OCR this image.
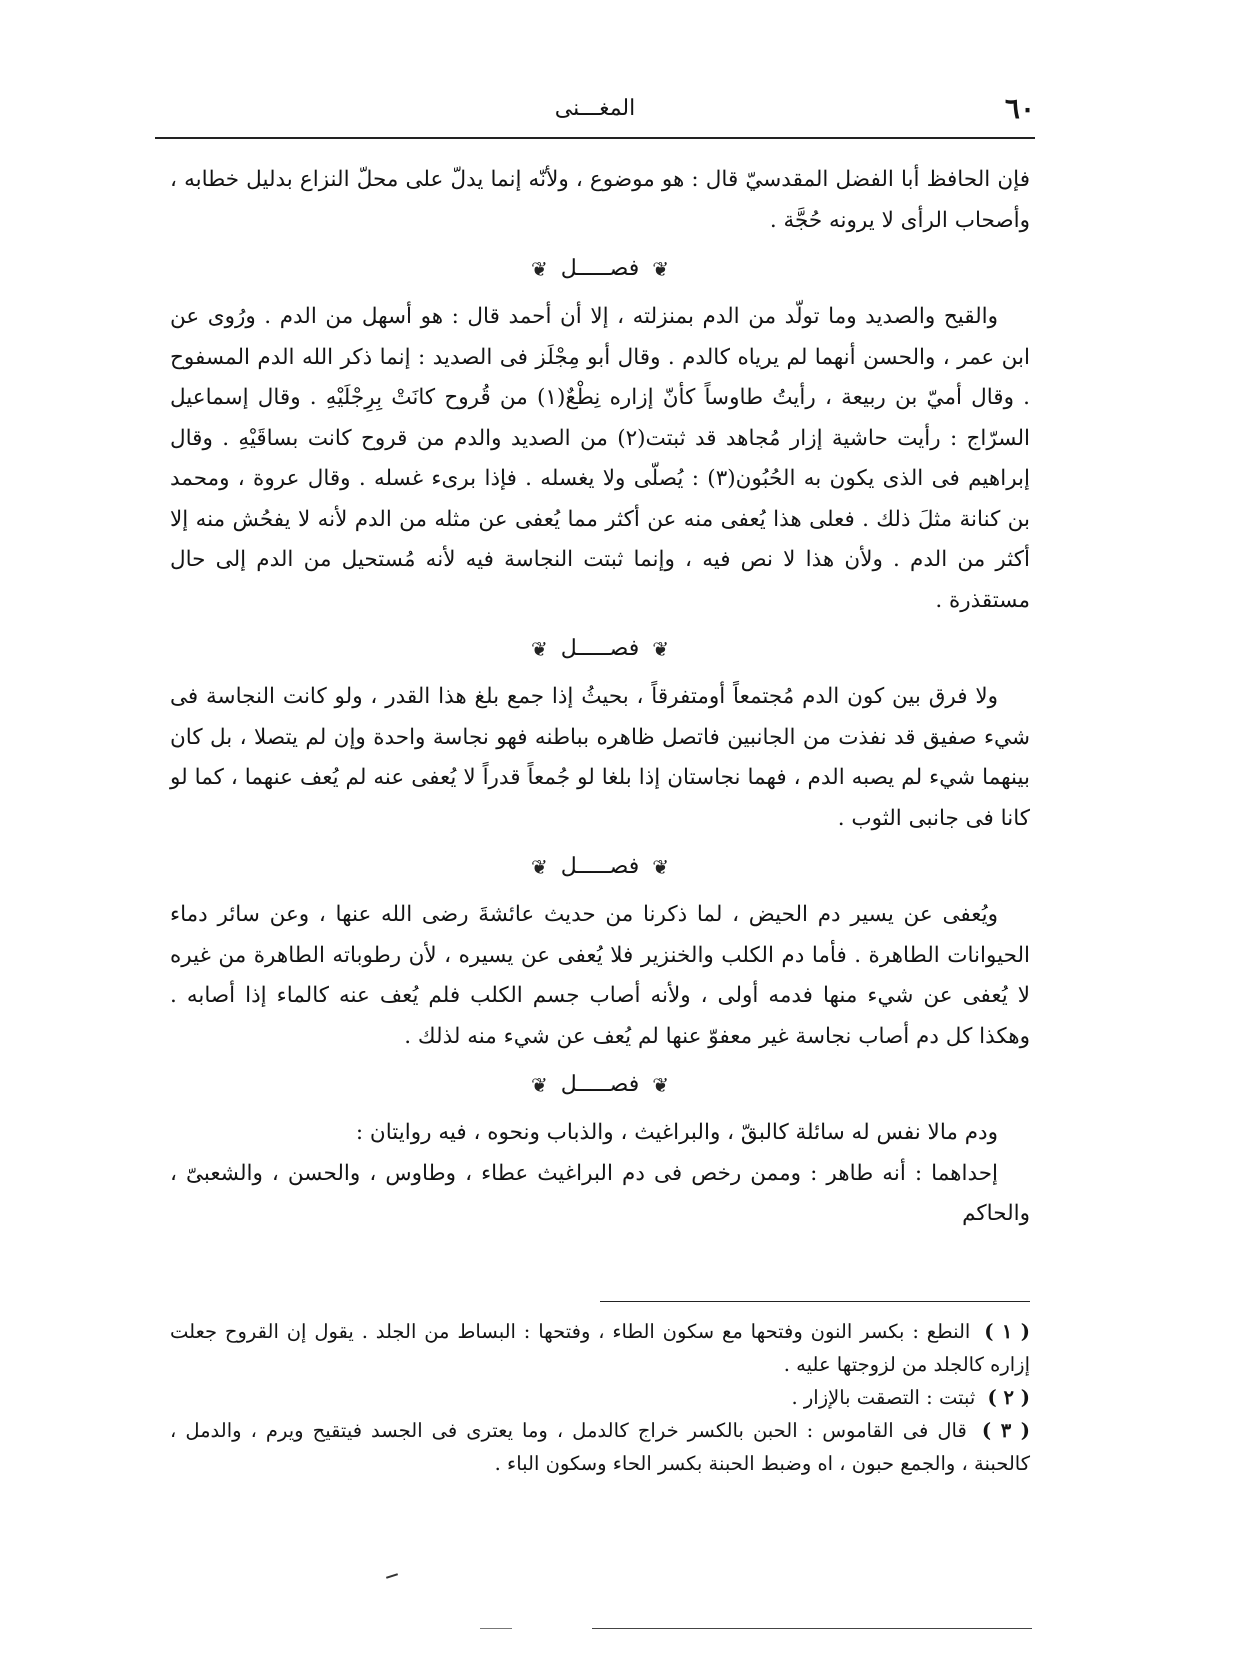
٦٠
المغـــنى

فإن الحافظ أبا الفضل المقدسيّ قال : هو موضوع ، ولأنّه إنما يدلّ على محلّ النزاع بدليل خطابه ، وأصحاب الرأى لا يرونه حُجَّة .

❦ فصـــــل ❦

والقيح والصديد وما تولّد من الدم بمنزلته ، إلا أن أحمد قال : هو أسهل من الدم . ورُوى عن ابن عمر ، والحسن أنهما لم يرياه كالدم . وقال أبو مِجْلَز فى الصديد : إنما ذكر الله الدم المسفوح . وقال أميّ بن ربيعة ، رأيتُ طاوساً كأنّ إزاره نِطْعٌ(١) من قُروح كانَتْ بِرِجْلَيْهِ . وقال إسماعيل السرّاج : رأيت حاشية إزار مُجاهد قد ثبتت(٢) من الصديد والدم من قروح كانت بساقَيْهِ . وقال إبراهيم فى الذى يكون به الحُبُون(٣) : يُصلّى ولا يغسله . فإذا برىء غسله . وقال عروة ، ومحمد بن كنانة مثلَ ذلك . فعلى هذا يُعفى منه عن أكثر مما يُعفى عن مثله من الدم لأنه لا يفحُش منه إلا أكثر من الدم . ولأن هذا لا نص فيه ، وإنما ثبتت النجاسة فيه لأنه مُستحيل من الدم إلى حال مستقذرة .

❦ فصـــــل ❦

ولا فرق بين كون الدم مُجتمعاً أومتفرقاً ، بحيثُ إذا جمع بلغ هذا القدر ، ولو كانت النجاسة فى شيء صفيق قد نفذت من الجانبين فاتصل ظاهره بباطنه فهو نجاسة واحدة وإن لم يتصلا ، بل كان بينهما شيء لم يصبه الدم ، فهما نجاستان إذا بلغا لو جُمعاً قدراً لا يُعفى عنه لم يُعف عنهما ، كما لو كانا فى جانبى الثوب .

❦ فصـــــل ❦

ويُعفى عن يسير دم الحيض ، لما ذكرنا من حديث عائشةَ رضى الله عنها ، وعن سائر دماء الحيوانات الطاهرة . فأما دم الكلب والخنزير فلا يُعفى عن يسيره ، لأن رطوباته الطاهرة من غيره لا يُعفى عن شيء منها فدمه أولى ، ولأنه أصاب جسم الكلب فلم يُعف عنه كالماء إذا أصابه . وهكذا كل دم أصاب نجاسة غير معفوّ عنها لم يُعف عن شيء منه لذلك .

❦ فصـــــل ❦

ودم مالا نفس له سائلة كالبقّ ، والبراغيث ، والذباب ونحوه ، فيه روايتان :

إحداهما : أنه طاهر : وممن رخص فى دم البراغيث عطاء ، وطاوس ، والحسن ، والشعبىّ ، والحاكم

( ١ ) النطع : بكسر النون وفتحها مع سكون الطاء ، وفتحها : البساط من الجلد . يقول إن القروح جعلت إزاره كالجلد من لزوجتها عليه .

( ٢ ) ثبتت : التصقت بالإزار .

( ٣ ) قال فى القاموس : الحبن بالكسر خراج كالدمل ، وما يعترى فى الجسد فيتقيح ويرم ، والدمل ، كالحبنة ، والجمع حبون ، اه وضبط الحبنة بكسر الحاء وسكون الباء .
